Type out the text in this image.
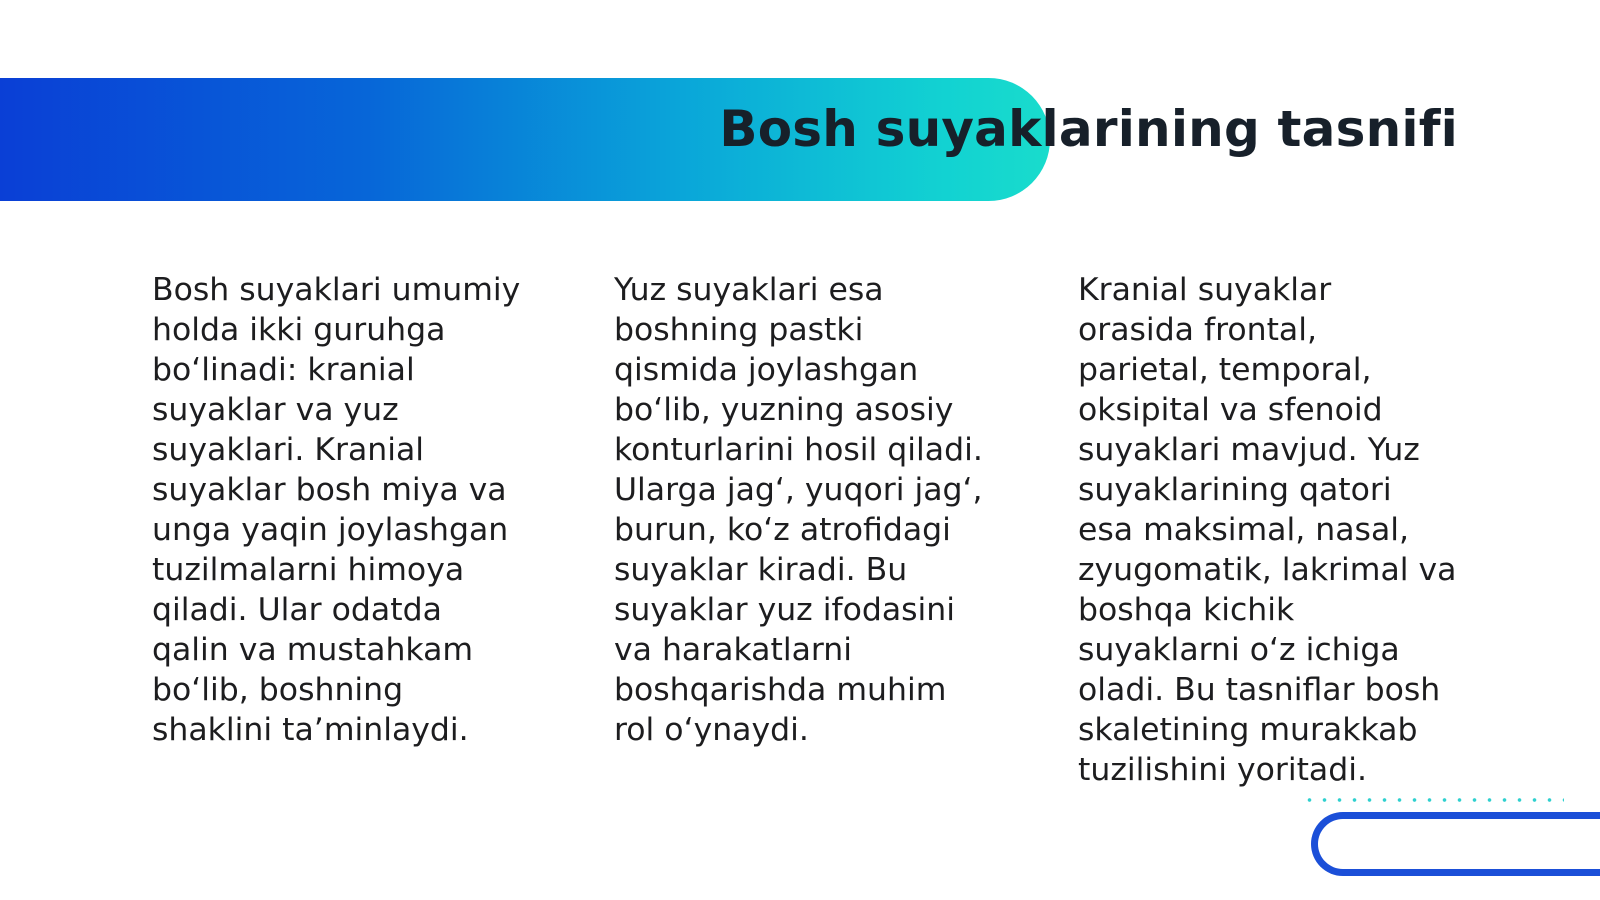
Bosh suyaklarining tasnifi

Bosh suyaklari umumiy
holda ikki guruhga
bo‘linadi: kranial
suyaklar va yuz
suyaklari. Kranial
suyaklar bosh miya va
unga yaqin joylashgan
tuzilmalarni himoya
qiladi. Ular odatda
qalin va mustahkam
bo‘lib, boshning
shaklini ta’minlaydi.

Yuz suyaklari esa
boshning pastki
qismida joylashgan
bo‘lib, yuzning asosiy
konturlarini hosil qiladi.
Ularga jag‘, yuqori jag‘,
burun, ko‘z atrofidagi
suyaklar kiradi. Bu
suyaklar yuz ifodasini
va harakatlarni
boshqarishda muhim
rol o‘ynaydi.

Kranial suyaklar
orasida frontal,
parietal, temporal,
oksipital va sfenoid
suyaklari mavjud. Yuz
suyaklarining qatori
esa maksimal, nasal,
zyugomatik, lakrimal va
boshqa kichik
suyaklarni o‘z ichiga
oladi. Bu tasniflar bosh
skaletining murakkab
tuzilishini yoritadi.
